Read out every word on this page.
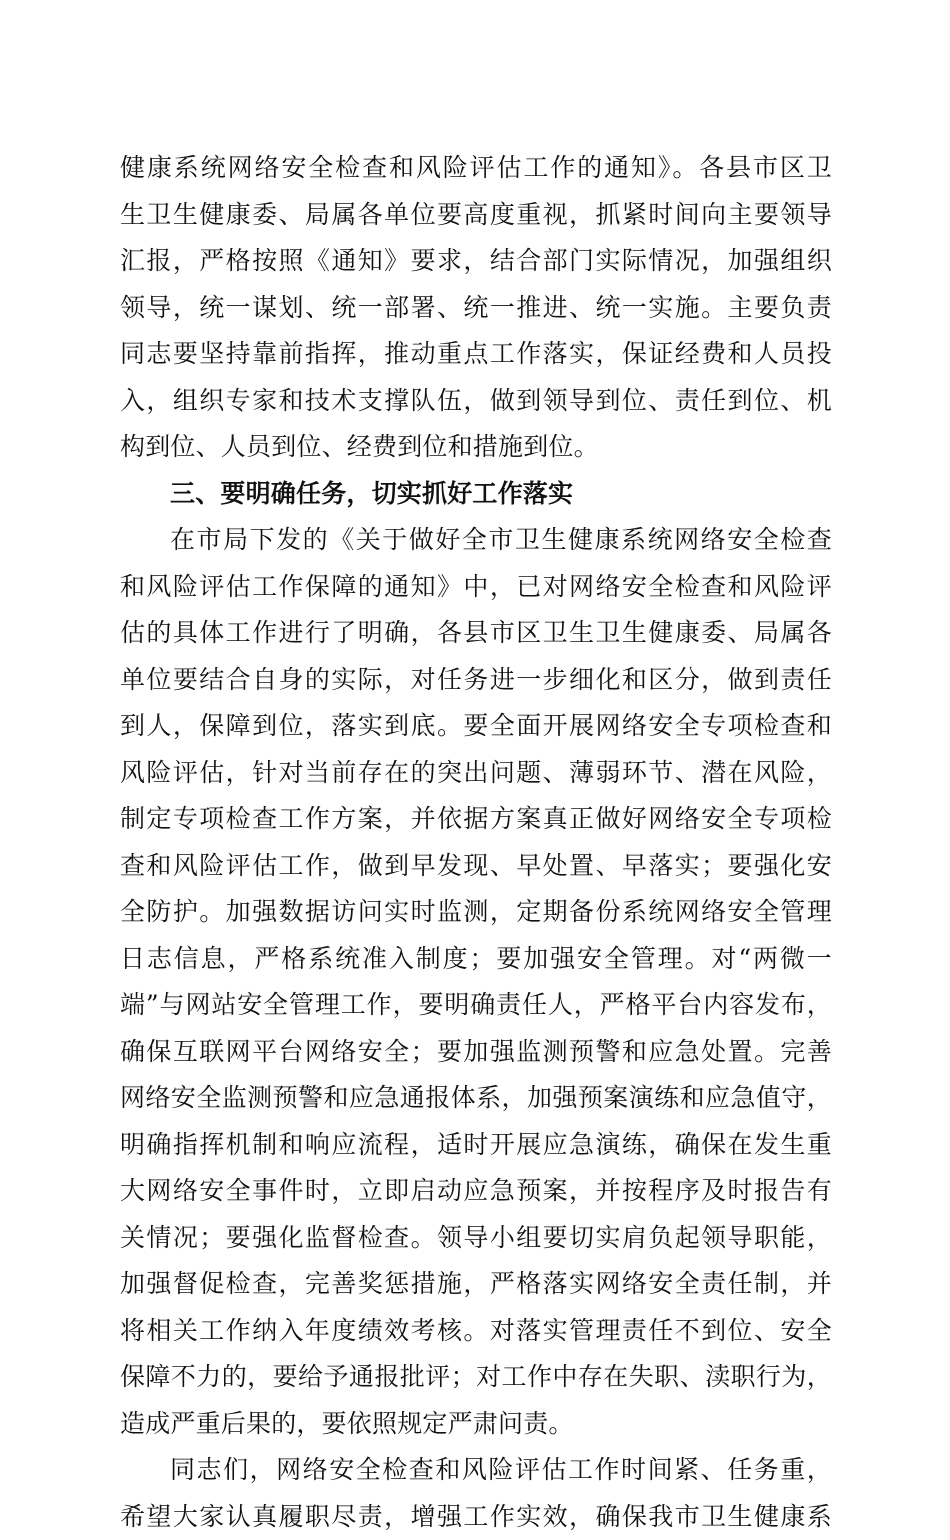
健康系统网络安全检查和风险评估工作的通知》。各县市区卫
生卫生健康委、局属各单位要高度重视，抓紧时间向主要领导
汇报，严格按照《通知》要求，结合部门实际情况，加强组织
领导，统一谋划、统一部署、统一推进、统一实施。主要负责
同志要坚持靠前指挥，推动重点工作落实，保证经费和人员投
入，组织专家和技术支撑队伍，做到领导到位、责任到位、机
构到位、人员到位、经费到位和措施到位。
三、要明确任务，切实抓好工作落实
在市局下发的《关于做好全市卫生健康系统网络安全检查
和风险评估工作保障的通知》中，已对网络安全检查和风险评
估的具体工作进行了明确，各县市区卫生卫生健康委、局属各
单位要结合自身的实际，对任务进一步细化和区分，做到责任
到人，保障到位，落实到底。要全面开展网络安全专项检查和
风险评估，针对当前存在的突出问题、薄弱环节、潜在风险，
制定专项检查工作方案，并依据方案真正做好网络安全专项检
查和风险评估工作，做到早发现、早处置、早落实；要强化安
全防护。加强数据访问实时监测，定期备份系统网络安全管理
日志信息，严格系统准入制度；要加强安全管理。对“两微一
端”与网站安全管理工作，要明确责任人，严格平台内容发布，
确保互联网平台网络安全；要加强监测预警和应急处置。完善
网络安全监测预警和应急通报体系，加强预案演练和应急值守，
明确指挥机制和响应流程，适时开展应急演练，确保在发生重
大网络安全事件时，立即启动应急预案，并按程序及时报告有
关情况；要强化监督检查。领导小组要切实肩负起领导职能，
加强督促检查，完善奖惩措施，严格落实网络安全责任制，并
将相关工作纳入年度绩效考核。对落实管理责任不到位、安全
保障不力的，要给予通报批评；对工作中存在失职、渎职行为，
造成严重后果的，要依照规定严肃问责。
同志们，网络安全检查和风险评估工作时间紧、任务重，
希望大家认真履职尽责，增强工作实效，确保我市卫生健康系
